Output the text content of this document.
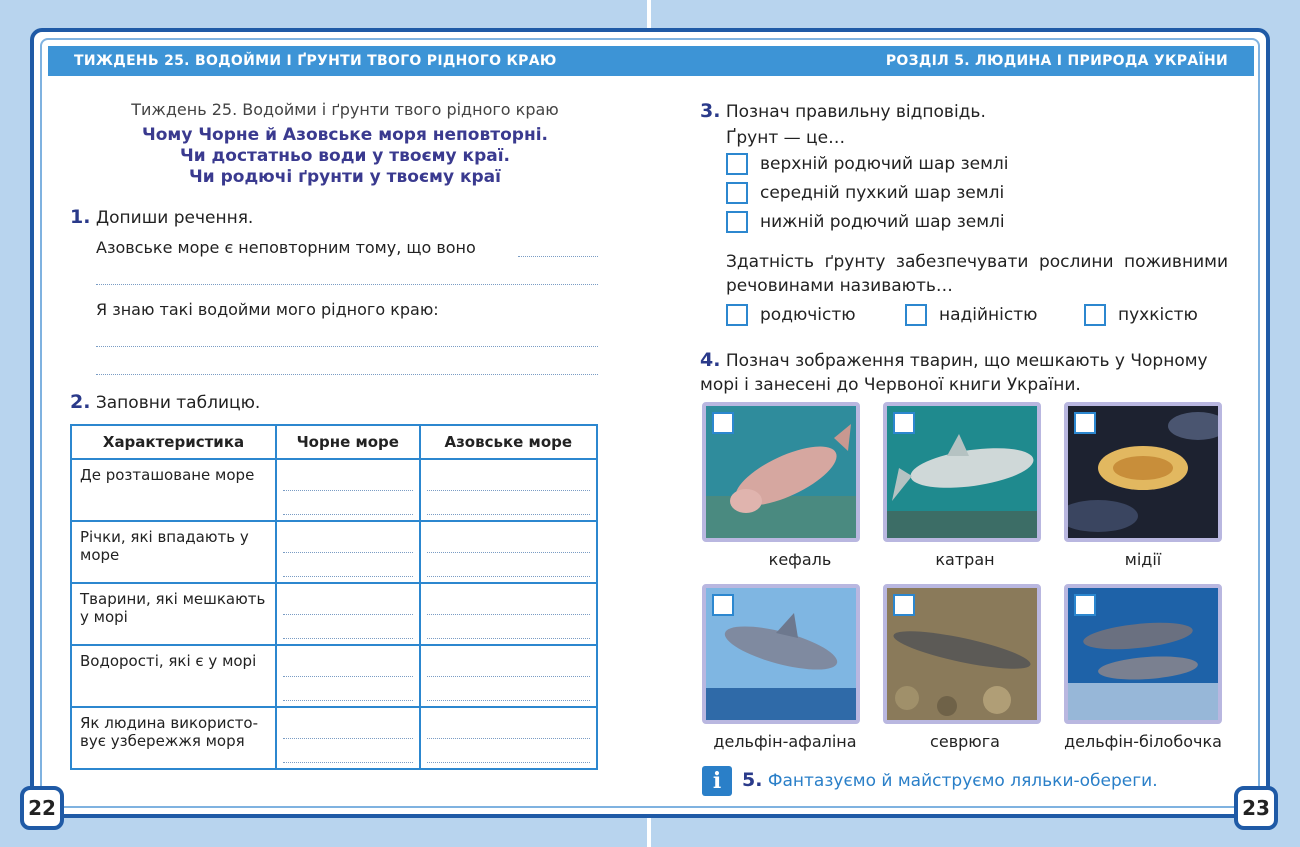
ТИЖДЕНЬ 25. ВОДОЙМИ І ҐРУНТИ ТВОГО РІДНОГО КРАЮ	РОЗДІЛ 5. ЛЮДИНА І ПРИРОДА УКРАЇНИ
22	23
Тиждень 25. Водойми і ґрунти твого рідного краю
Чому Чорне й Азовське моря неповторні.
Чи достатньо води у твоєму краї.
Чи родючі ґрунти у твоєму краї
1. Допиши речення.
Азовське море є неповторним тому, що воно
Я знаю такі водойми мого рідного краю:
2. Заповни таблицю.
Характеристика	Чорне море	Азовське море
Де розташоване море	

Річки, які впадають у море	

Тварини, які мешкають у морі	

Водорості, які є у морі	

Як людина використо-вує узбережжя моря	

3. Познач правильну відповідь.
Ґрунт — це…
верхній родючий шар землі
середній пухкий шар землі
нижній родючий шар землі
Здатність ґрунту забезпечувати рослини поживними речовинами називають…
родючістю	надійністю	пухкістю
4. Познач зображення тварин, що мешкають у Чорному морі і занесені до Червоної книги України.
кефаль	катран	мідії
дельфін-афаліна	севрюга	дельфін-білобочка
i	5. Фантазуємо й майструємо ляльки-обереги.
